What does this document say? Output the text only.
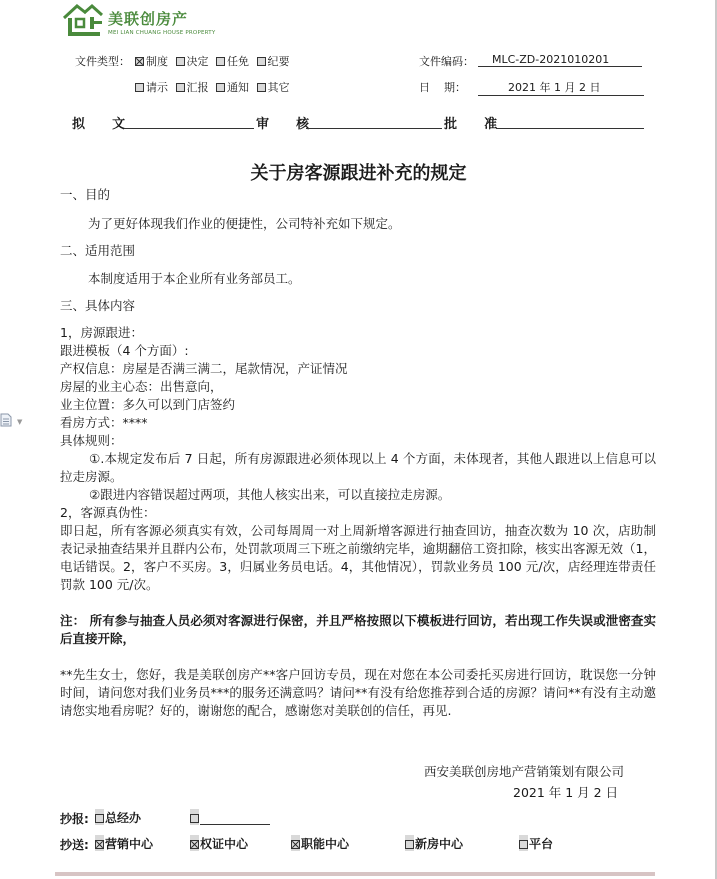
美联创房产
MEI LIAN CHUANG HOUSE PROPERTY
文件类型：	制度 决定 任免 纪要
请示 汇报 通知 其它
文件编码：	MLC-ZD-2021010201
日    期：	2021 年 1 月 2 日
拟      文	审      核	批      准
关于房客源跟进补充的规定
一、目的
为了更好体现我们作业的便捷性，公司特补充如下规定。
二、适用范围
本制度适用于本企业所有业务部员工。
三、具体内容
1，房源跟进：
跟进模板（4 个方面）:
产权信息：房屋是否满三满二，尾款情况，产证情况
房屋的业主心态：出售意向，
业主位置：多久可以到门店签约
看房方式：****
具体规则：
①.本规定发布后 7 日起，所有房源跟进必须体现以上 4 个方面，未体现者，其他人跟进以上信息可以拉走房源。
②跟进内容错误超过两项，其他人核实出来，可以直接拉走房源。
2，客源真伪性：
即日起，所有客源必须真实有效，公司每周周一对上周新增客源进行抽查回访，抽查次数为 10 次，店助制表记录抽查结果并且群内公布，处罚款项周三下班之前缴纳完毕，逾期翻倍工资扣除，核实出客源无效（1，电话错误。2，客户不买房。3，归属业务员电话。4，其他情况），罚款业务员 100 元/次，店经理连带责任罚款 100 元/次。
注： 所有参与抽查人员必须对客源进行保密，并且严格按照以下模板进行回访，若出现工作失误或泄密查实后直接开除，
**先生女士，您好，我是美联创房产**客户回访专员，现在对您在本公司委托买房进行回访，耽误您一分钟时间，请问您对我们业务员***的服务还满意吗？请问**有没有给您推荐到合适的房源？请问**有没有主动邀请您实地看房呢？好的，谢谢您的配合，感谢您对美联创的信任，再见.
西安美联创房地产营销策划有限公司
2021 年 1 月 2 日
抄报:	总经办
抄送:	营销中心	权证中心	职能中心	新房中心	平台
▼
